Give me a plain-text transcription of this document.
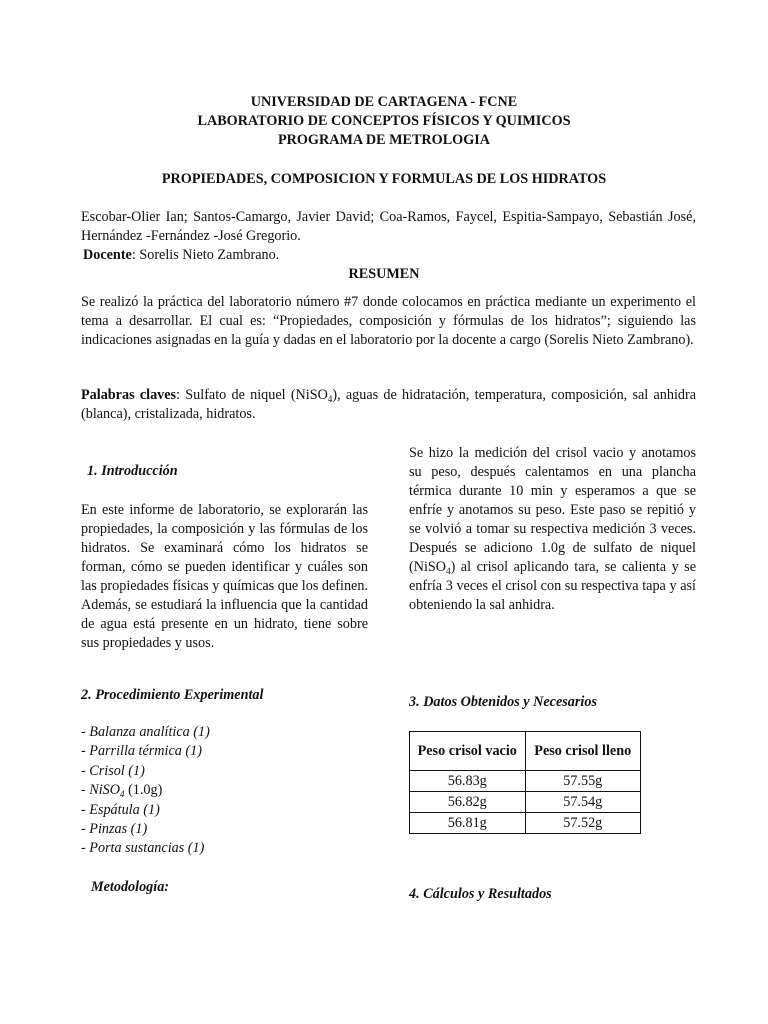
UNIVERSIDAD DE CARTAGENA - FCNE
LABORATORIO DE CONCEPTOS FÍSICOS Y QUIMICOS
PROGRAMA DE METROLOGIA
PROPIEDADES, COMPOSICION Y FORMULAS DE LOS HIDRATOS
Escobar-Olier Ian; Santos-Camargo, Javier David; Coa-Ramos, Faycel, Espitia-Sampayo, Sebastián José, Hernández -Fernández -José Gregorio.
Docente: Sorelis Nieto Zambrano.
RESUMEN
Se realizó la práctica del laboratorio número #7 donde colocamos en práctica mediante un experimento el tema a desarrollar. El cual es: “Propiedades, composición y fórmulas de los hidratos”; siguiendo las indicaciones asignadas en la guía y dadas en el laboratorio por la docente a cargo (Sorelis Nieto Zambrano).
Palabras claves: Sulfato de niquel (NiSO$_4$), aguas de hidratación, temperatura, composición, sal anhidra (blanca), cristalizada, hidratos.
1. Introducción
En este informe de laboratorio, se explorarán las propiedades, la composición y las fórmulas de los hidratos. Se examinará cómo los hidratos se forman, cómo se pueden identificar y cuáles son las propiedades físicas y químicas que los definen. Además, se estudiará la influencia que la cantidad de agua está presente en un hidrato, tiene sobre sus propiedades y usos.
2. Procedimiento Experimental
- Balanza analítica (1)
- Parrilla térmica (1)
- Crisol (1)
- NiSO$_4$ (1.0g)
- Espátula (1)
- Pinzas (1)
- Porta sustancias (1)
Metodología:
Se hizo la medición del crisol vacio y anotamos su peso, después calentamos en una plancha térmica durante 10 min y esperamos a que se enfríe y anotamos su peso. Este paso se repitió y se volvió a tomar su respectiva medición 3 veces. Después se adiciono 1.0g de sulfato de niquel (NiSO$_4$) al crisol aplicando tara, se calienta y se enfría 3 veces el crisol con su respectiva tapa y así obteniendo la sal anhidra.
3. Datos Obtenidos y Necesarios
Peso crisol vacio	Peso crisol lleno
56.83g	57.55g
56.82g	57.54g
56.81g	57.52g
4. Cálculos y Resultados
